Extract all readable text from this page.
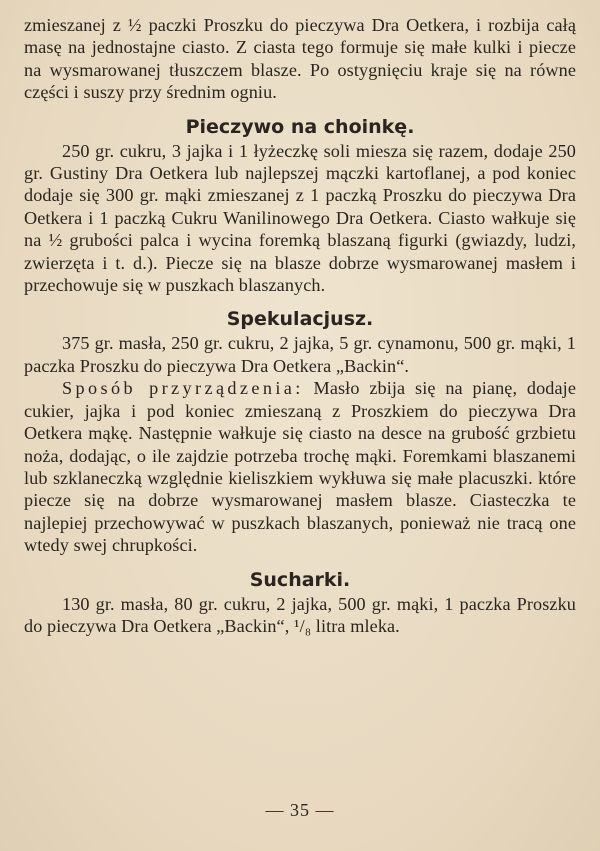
zmieszanej z ½ paczki Proszku do pieczywa Dra Oetkera, i rozbija całą masę na jednostajne ciasto. Z ciasta tego formuje się małe kulki i piecze na wysmarowanej tłuszczem blasze. Po ostygnięciu kraje się na równe części i suszy przy średnim ogniu.

Pieczywo na choinkę.

250 gr. cukru, 3 jajka i 1 łyżeczkę soli miesza się razem, dodaje 250 gr. Gustiny Dra Oetkera lub najlepszej mączki kartoflanej, a pod koniec dodaje się 300 gr. mąki zmieszanej z 1 paczką Proszku do pieczywa Dra Oetkera i 1 paczką Cukru Wanilinowego Dra Oetkera. Ciasto wałkuje się na ½ grubości palca i wycina foremką blaszaną figurki (gwiazdy, ludzi, zwierzęta i t. d.). Piecze się na blasze dobrze wysmarowanej masłem i przechowuje się w puszkach blaszanych.

Spekulacjusz.

375 gr. masła, 250 gr. cukru, 2 jajka, 5 gr. cynamonu, 500 gr. mąki, 1 paczka Proszku do pieczywa Dra Oetkera „Backin“.

Sposób przyrządzenia: Masło zbija się na pianę, dodaje cukier, jajka i pod koniec zmieszaną z Proszkiem do pieczywa Dra Oetkera mąkę. Następnie wałkuje się ciasto na desce na grubość grzbietu noża, dodając, o ile zajdzie potrzeba trochę mąki. Foremkami blaszanemi lub szklaneczką względnie kieliszkiem wykłuwa się małe placuszki. które piecze się na dobrze wysmarowanej masłem blasze. Ciasteczka te najlepiej przechowywać w puszkach blaszanych, ponieważ nie tracą one wtedy swej chrupkości.

Sucharki.

130 gr. masła, 80 gr. cukru, 2 jajka, 500 gr. mąki, 1 paczka Proszku do pieczywa Dra Oetkera „Backin“, ¹/₈ litra mleka.

— 35 —
